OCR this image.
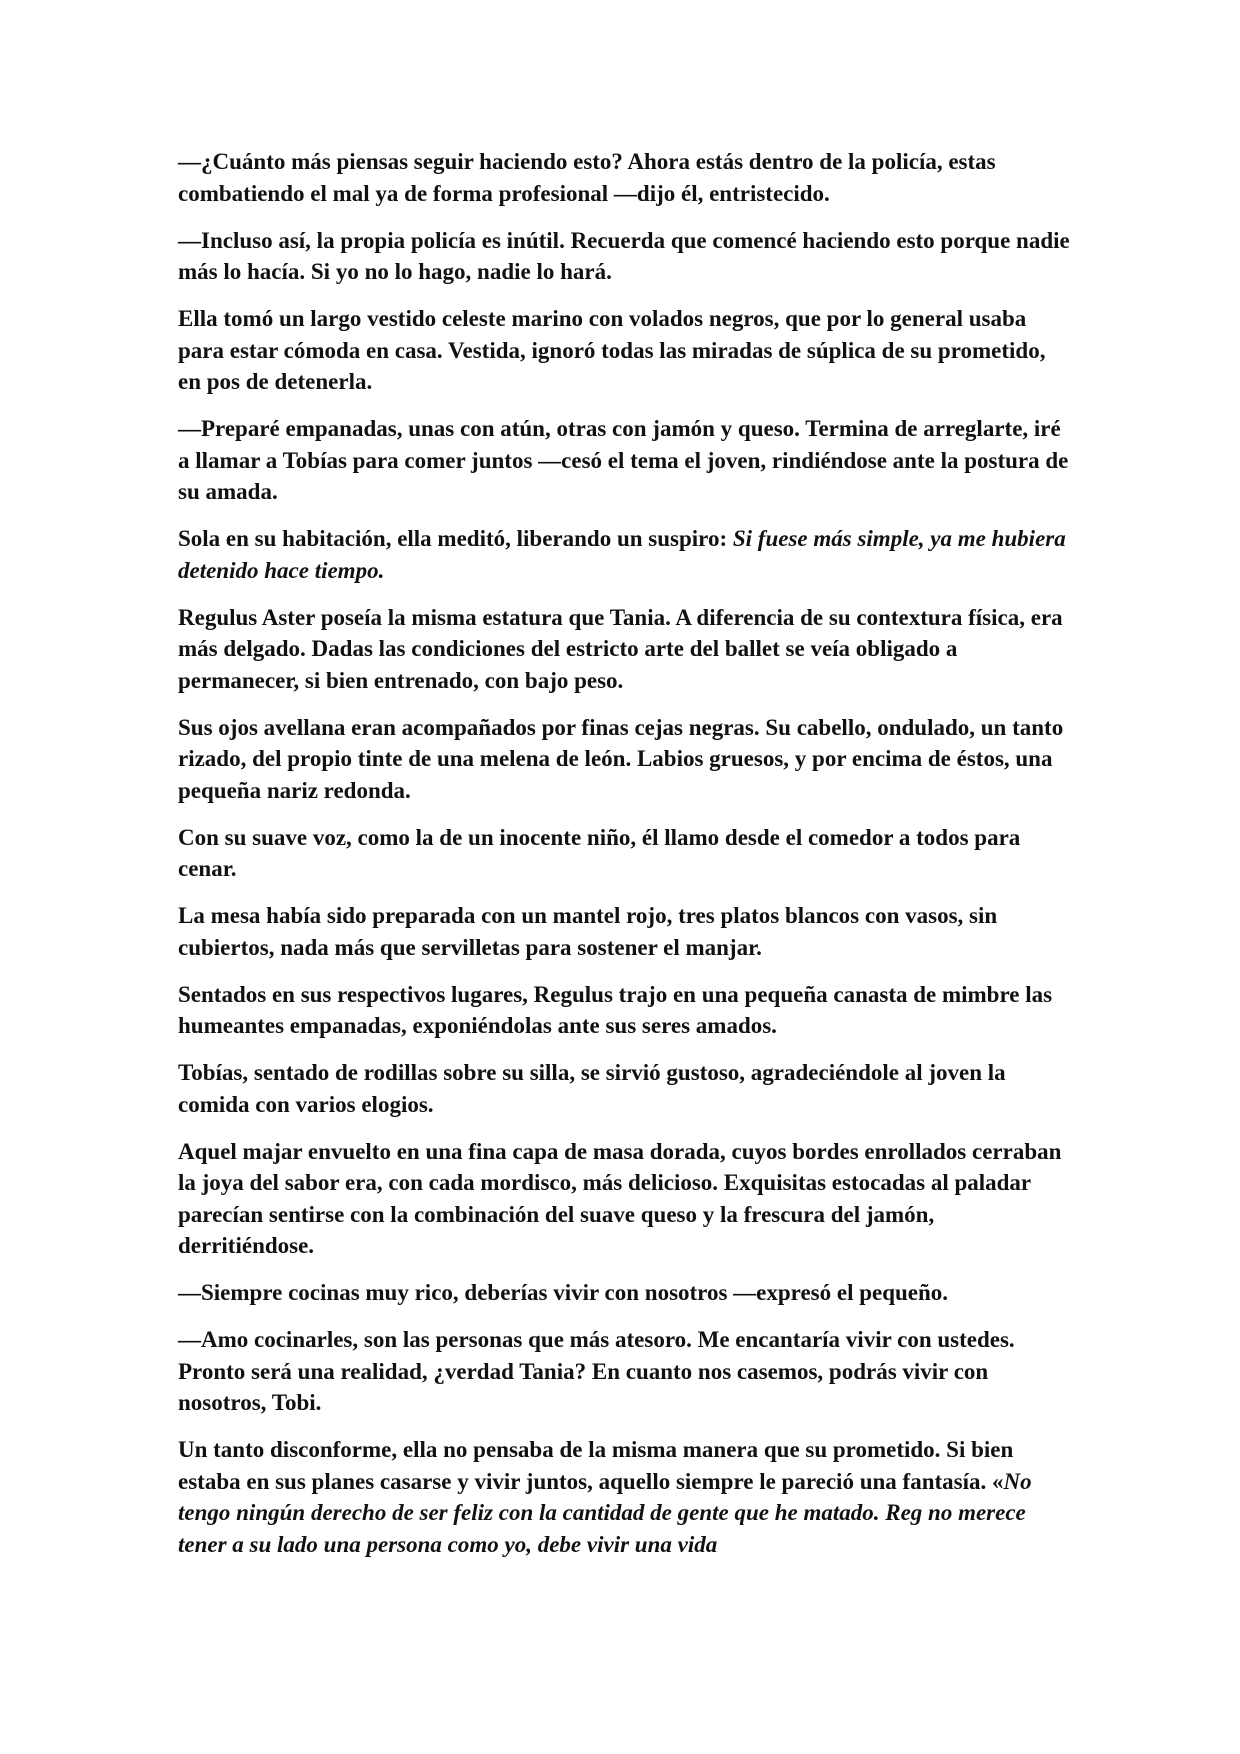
—¿Cuánto más piensas seguir haciendo esto? Ahora estás dentro de la policía, estas combatiendo el mal ya de forma profesional —dijo él, entristecido.

—Incluso así, la propia policía es inútil. Recuerda que comencé haciendo esto porque nadie más lo hacía. Si yo no lo hago, nadie lo hará.

Ella tomó un largo vestido celeste marino con volados negros, que por lo general usaba para estar cómoda en casa. Vestida, ignoró todas las miradas de súplica de su prometido, en pos de detenerla.

—Preparé empanadas, unas con atún, otras con jamón y queso. Termina de arreglarte, iré a llamar a Tobías para comer juntos —cesó el tema el joven, rindiéndose ante la postura de su amada.

Sola en su habitación, ella meditó, liberando un suspiro: Si fuese más simple, ya me hubiera detenido hace tiempo.

Regulus Aster poseía la misma estatura que Tania. A diferencia de su contextura física, era más delgado. Dadas las condiciones del estricto arte del ballet se veía obligado a permanecer, si bien entrenado, con bajo peso.

Sus ojos avellana eran acompañados por finas cejas negras. Su cabello, ondulado, un tanto rizado, del propio tinte de una melena de león. Labios gruesos, y por encima de éstos, una pequeña nariz redonda.

Con su suave voz, como la de un inocente niño, él llamo desde el comedor a todos para cenar.

La mesa había sido preparada con un mantel rojo, tres platos blancos con vasos, sin cubiertos, nada más que servilletas para sostener el manjar.

Sentados en sus respectivos lugares, Regulus trajo en una pequeña canasta de mimbre las humeantes empanadas, exponiéndolas ante sus seres amados.

Tobías, sentado de rodillas sobre su silla, se sirvió gustoso, agradeciéndole al joven la comida con varios elogios.

Aquel majar envuelto en una fina capa de masa dorada, cuyos bordes enrollados cerraban la joya del sabor era, con cada mordisco, más delicioso. Exquisitas estocadas al paladar parecían sentirse con la combinación del suave queso y la frescura del jamón, derritiéndose.

—Siempre cocinas muy rico, deberías vivir con nosotros —expresó el pequeño.

—Amo cocinarles, son las personas que más atesoro. Me encantaría vivir con ustedes. Pronto será una realidad, ¿verdad Tania? En cuanto nos casemos, podrás vivir con nosotros, Tobi.

Un tanto disconforme, ella no pensaba de la misma manera que su prometido. Si bien estaba en sus planes casarse y vivir juntos, aquello siempre le pareció una fantasía. «No tengo ningún derecho de ser feliz con la cantidad de gente que he matado. Reg no merece tener a su lado una persona como yo, debe vivir una vida
